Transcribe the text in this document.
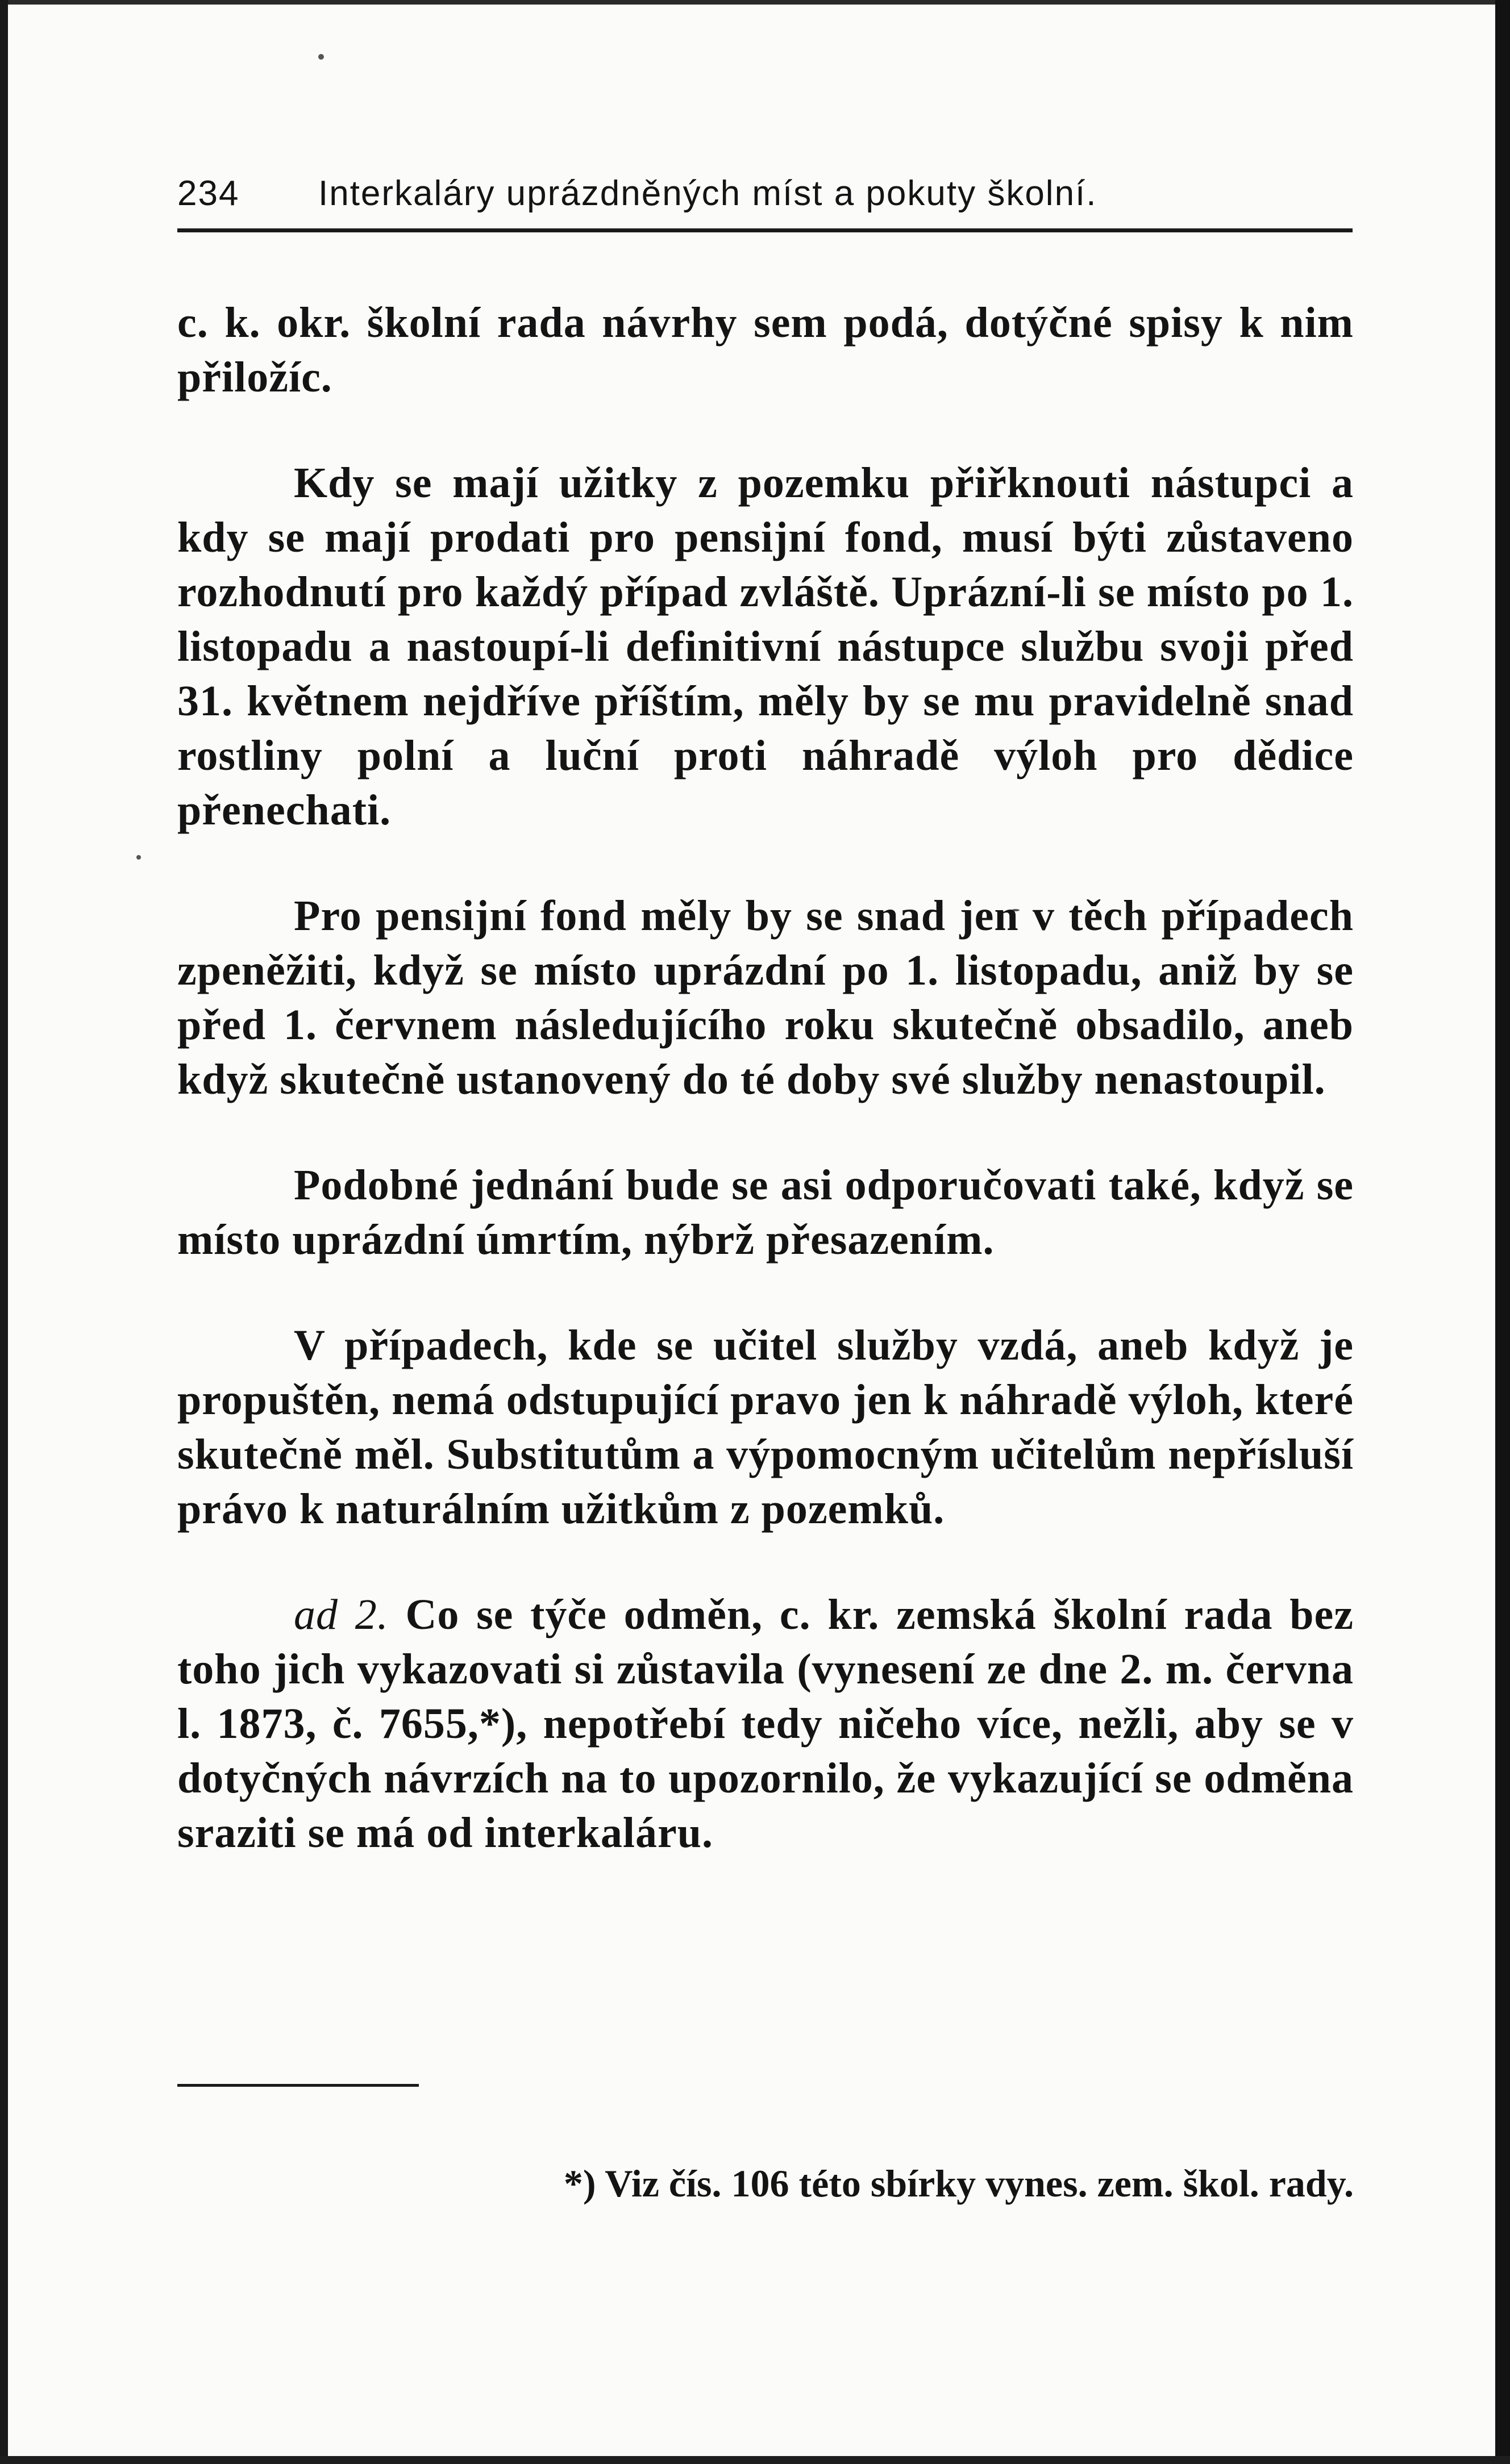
234 Interkaláry uprázdněných míst a pokuty školní.

c. k. okr. školní rada návrhy sem podá, dotýčné spisy k nim přiložíc.

Kdy se mají užitky z pozemku přiřknouti nástupci a kdy se mají prodati pro pensijní fond, musí býti zůstaveno rozhodnutí pro každý případ zvláště. Uprázní-li se místo po 1. listopadu a nastoupí-li definitivní nástupce službu svoji před 31. květnem nejdříve příštím, měly by se mu pravidelně snad rostliny polní a luční proti náhradě výloh pro dědice přenechati.

Pro pensijní fond měly by se snad jen v těch případech zpeněžiti, když se místo uprázdní po 1. listopadu, aniž by se před 1. červnem následujícího roku skutečně obsadilo, aneb když skutečně ustanovený do té doby své služby nenastoupil.

Podobné jednání bude se asi odporučovati také, když se místo uprázdní úmrtím, nýbrž přesazením.

V případech, kde se učitel služby vzdá, aneb když je propuštěn, nemá odstupující pravo jen k náhradě výloh, které skutečně měl. Substitutům a výpomocným učitelům nepřísluší právo k naturálním užitkům z pozemků.

ad 2. Co se týče odměn, c. kr. zemská školní rada bez toho jich vykazovati si zůstavila (vynesení ze dne 2. m. června l. 1873, č. 7655,*), nepotřebí tedy ničeho více, nežli, aby se v dotyčných návrzích na to upozornilo, že vykazující se odměna sraziti se má od interkaláru.

*) Viz čís. 106 této sbírky vynes. zem. škol. rady.
